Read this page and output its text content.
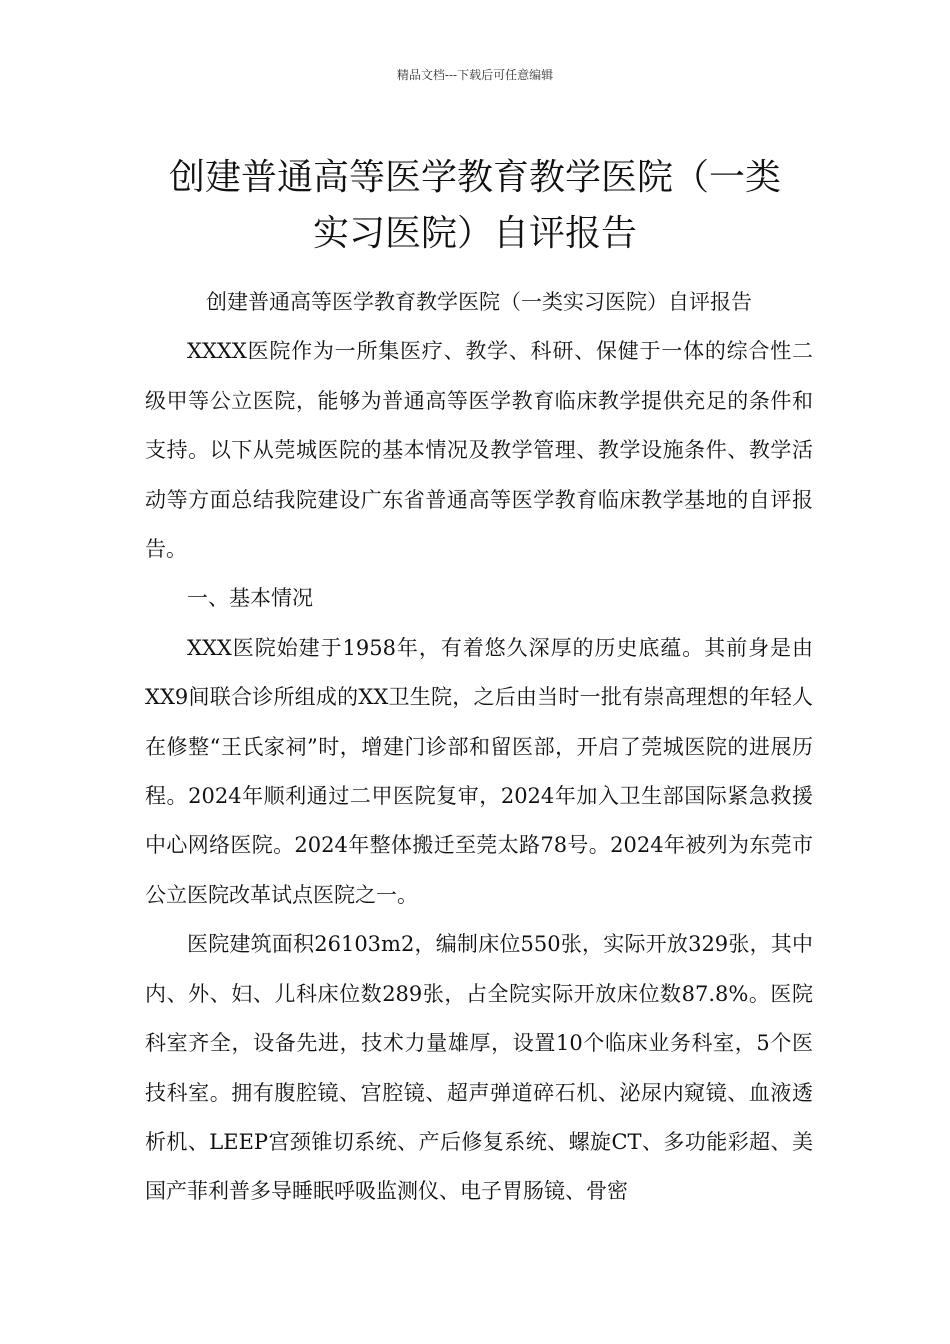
精品文档---下载后可任意编辑
创建普通高等医学教育教学医院（一类
实习医院）自评报告

创建普通高等医学教育教学医院（一类实习医院）自评报告

XXXX医院作为一所集医疗、教学、科研、保健于一体的综合性二级甲等公立医院，能够为普通高等医学教育临床教学提供充足的条件和支持。以下从莞城医院的基本情况及教学管理、教学设施条件、教学活动等方面总结我院建设广东省普通高等医学教育临床教学基地的自评报告。

一、基本情况

XXX医院始建于1958年，有着悠久深厚的历史底蕴。其前身是由XX9间联合诊所组成的XX卫生院，之后由当时一批有崇高理想的年轻人在修整“王氏家祠”时，增建门诊部和留医部，开启了莞城医院的进展历程。2024年顺利通过二甲医院复审，2024年加入卫生部国际紧急救援中心网络医院。2024年整体搬迁至莞太路78号。2024年被列为东莞市公立医院改革试点医院之一。

医院建筑面积26103m2，编制床位550张，实际开放329张，其中内、外、妇、儿科床位数289张，占全院实际开放床位数87.8%。医院科室齐全，设备先进，技术力量雄厚，设置10个临床业务科室，5个医技科室。拥有腹腔镜、宫腔镜、超声弹道碎石机、泌尿内窥镜、血液透析机、LEEP宫颈锥切系统、产后修复系统、螺旋CT、多功能彩超、美国产菲利普多导睡眠呼吸监测仪、电子胃肠镜、骨密
